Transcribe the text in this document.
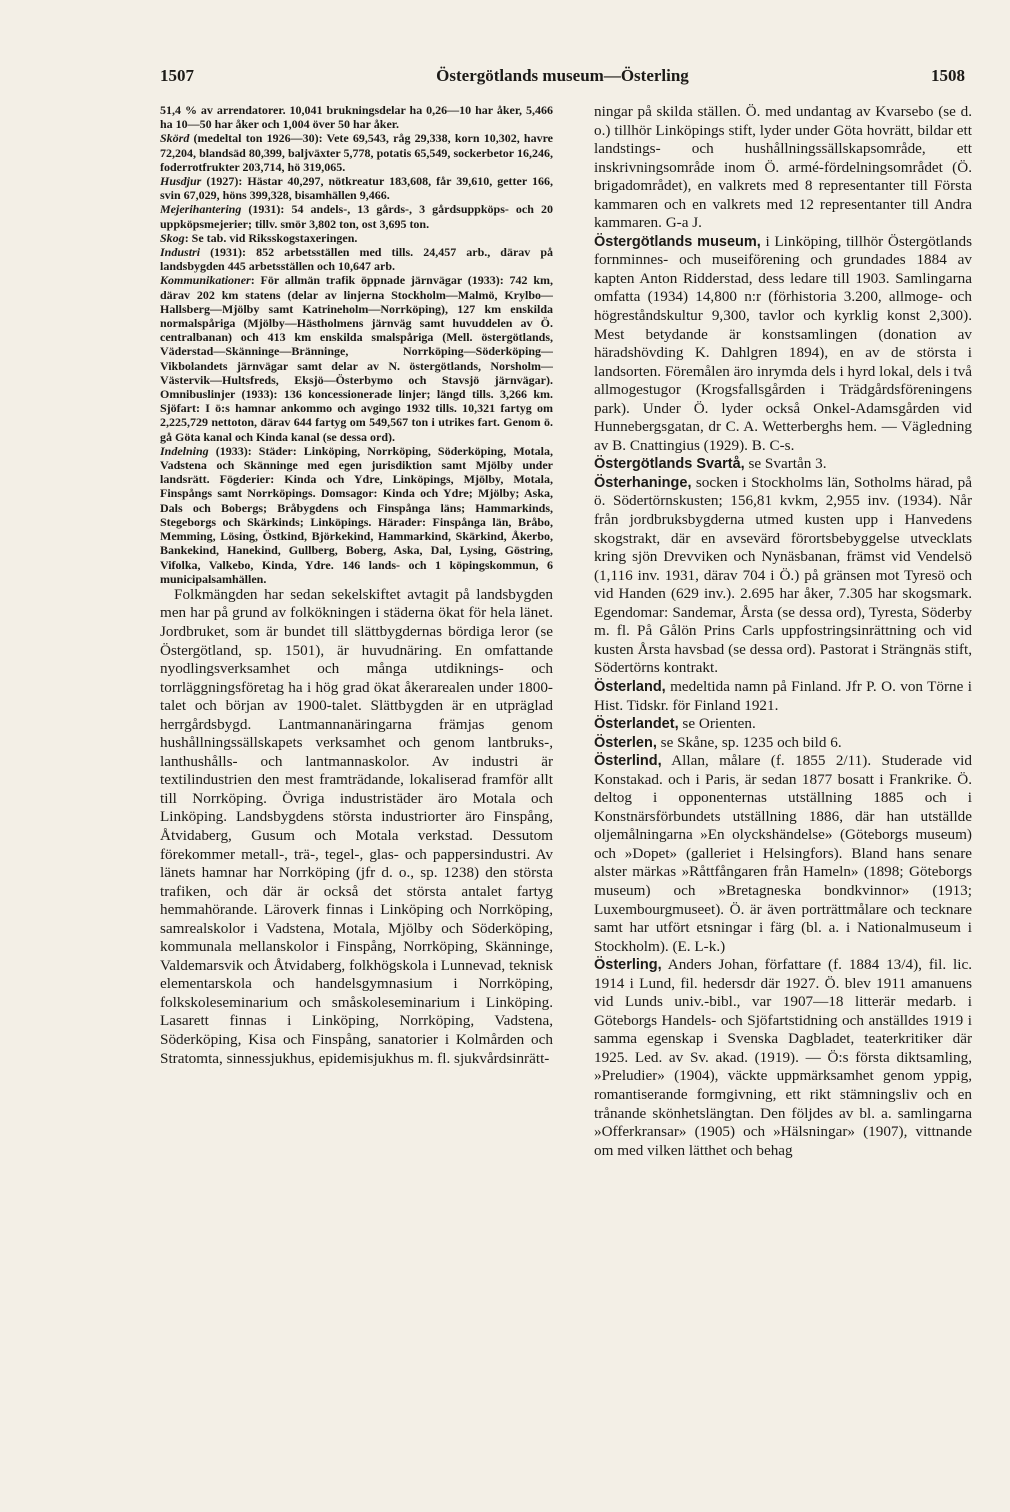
1507	Östergötlands museum—Österling	1508

51,4 % av arrendatorer. 10,041 brukningsdelar ha 0,26—10 har åker, 5,466 ha 10—50 har åker och 1,004 över 50 har åker.

Skörd (medeltal ton 1926—30): Vete 69,543, råg 29,338, korn 10,302, havre 72,204, blandsäd 80,399, baljväxter 5,778, potatis 65,549, sockerbetor 16,246, foderrotfrukter 203,714, hö 319,065.

Husdjur (1927): Hästar 40,297, nötkreatur 183,608, får 39,610, getter 166, svin 67,029, höns 399,328, bisamhällen 9,466.

Mejerihantering (1931): 54 andels-, 13 gårds-, 3 gårdsuppköps- och 20 uppköpsmejerier; tillv. smör 3,802 ton, ost 3,695 ton.

Skog: Se tab. vid Riksskogstaxeringen.

Industri (1931): 852 arbetsställen med tills. 24,457 arb., därav på landsbygden 445 arbetsställen och 10,647 arb.

Kommunikationer: För allmän trafik öppnade järnvägar (1933): 742 km, därav 202 km statens (delar av linjerna Stockholm—Malmö, Krylbo—Hallsberg—Mjölby samt Katrineholm—Norrköping), 127 km enskilda normalspåriga (Mjölby—Hästholmens järnväg samt huvuddelen av Ö. centralbanan) och 413 km enskilda smalspåriga (Mell. östergötlands, Väderstad—Skänninge—Bränninge, Norrköping—Söderköping—Vikbolandets järnvägar samt delar av N. östergötlands, Norsholm—Västervik—Hultsfreds, Eksjö—Österbymo och Stavsjö järnvägar). Omnibuslinjer (1933): 136 koncessionerade linjer; längd tills. 3,266 km. Sjöfart: I ö:s hamnar ankommo och avgingo 1932 tills. 10,321 fartyg om 2,225,729 nettoton, därav 644 fartyg om 549,567 ton i utrikes fart. Genom ö. gå Göta kanal och Kinda kanal (se dessa ord).

Indelning (1933): Städer: Linköping, Norrköping, Söderköping, Motala, Vadstena och Skänninge med egen jurisdiktion samt Mjölby under landsrätt. Fögderier: Kinda och Ydre, Linköpings, Mjölby, Motala, Finspångs samt Norrköpings. Domsagor: Kinda och Ydre; Mjölby; Aska, Dals och Bobergs; Bråbygdens och Finspånga läns; Hammarkinds, Stegeborgs och Skärkinds; Linköpings. Härader: Finspånga län, Bråbo, Memming, Lösing, Östkind, Björkekind, Hammarkind, Skärkind, Åkerbo, Bankekind, Hanekind, Gullberg, Boberg, Aska, Dal, Lysing, Göstring, Vifolka, Valkebo, Kinda, Ydre. 146 lands- och 1 köpingskommun, 6 municipalsamhällen.

Folkmängden har sedan sekelskiftet avtagit på landsbygden men har på grund av folkökningen i städerna ökat för hela länet. Jordbruket, som är bundet till slättbygdernas bördiga leror (se Östergötland, sp. 1501), är huvudnäring. En omfattande nyodlingsverksamhet och många utdiknings- och torrläggningsföretag ha i hög grad ökat åkerarealen under 1800-talet och början av 1900-talet. Slättbygden är en utpräglad herrgårdsbygd. Lantmannanäringarna främjas genom hushållningssällskapets verksamhet och genom lantbruks-, lanthushålls- och lantmannaskolor. Av industri är textilindustrien den mest framträdande, lokaliserad framför allt till Norrköping. Övriga industristäder äro Motala och Linköping. Landsbygdens största industriorter äro Finspång, Åtvidaberg, Gusum och Motala verkstad. Dessutom förekommer metall-, trä-, tegel-, glas- och pappersindustri. Av länets hamnar har Norrköping (jfr d. o., sp. 1238) den största trafiken, och där är också det största antalet fartyg hemmahörande. Läroverk finnas i Linköping och Norrköping, samrealskolor i Vadstena, Motala, Mjölby och Söderköping, kommunala mellanskolor i Finspång, Norrköping, Skänninge, Valdemarsvik och Åtvidaberg, folkhögskola i Lunnevad, teknisk elementarskola och handelsgymnasium i Norrköping, folkskoleseminarium och småskoleseminarium i Linköping. Lasarett finnas i Linköping, Norrköping, Vadstena, Söderköping, Kisa och Finspång, sanatorier i Kolmården och Stratomta, sinnessjukhus, epidemisjukhus m. fl. sjukvårdsinrätt-

ningar på skilda ställen. Ö. med undantag av Kvarsebo (se d. o.) tillhör Linköpings stift, lyder under Göta hovrätt, bildar ett landstings- och hushållningssällskapsområde, ett inskrivningsområde inom Ö. armé-fördelningsområdet (Ö. brigadområdet), en valkrets med 8 representanter till Första kammaren och en valkrets med 12 representanter till Andra kammaren. G-a J.

Östergötlands museum, i Linköping, tillhör Östergötlands fornminnes- och museiförening och grundades 1884 av kapten Anton Ridderstad, dess ledare till 1903. Samlingarna omfatta (1934) 14,800 n:r (förhistoria 3.200, allmoge- och högreståndskultur 9,300, tavlor och kyrklig konst 2,300). Mest betydande är konstsamlingen (donation av häradshövding K. Dahlgren 1894), en av de största i landsorten. Föremålen äro inrymda dels i hyrd lokal, dels i två allmogestugor (Krogsfallsgården i Trädgårdsföreningens park). Under Ö. lyder också Onkel-Adamsgården vid Hunnebergsgatan, dr C. A. Wetterberghs hem. — Vägledning av B. Cnattingius (1929). B. C-s.

Östergötlands Svartå, se Svartån 3.

Österhaninge, socken i Stockholms län, Sotholms härad, på ö. Södertörnskusten; 156,81 kvkm, 2,955 inv. (1934). Når från jordbruksbygderna utmed kusten upp i Hanvedens skogstrakt, där en avsevärd förortsbebyggelse utvecklats kring sjön Drevviken och Nynäsbanan, främst vid Vendelsö (1,116 inv. 1931, därav 704 i Ö.) på gränsen mot Tyresö och vid Handen (629 inv.). 2.695 har åker, 7.305 har skogsmark. Egendomar: Sandemar, Årsta (se dessa ord), Tyresta, Söderby m. fl. På Gålön Prins Carls uppfostringsinrättning och vid kusten Årsta havsbad (se dessa ord). Pastorat i Strängnäs stift, Södertörns kontrakt.

Österland, medeltida namn på Finland. Jfr P. O. von Törne i Hist. Tidskr. för Finland 1921.

Österlandet, se Orienten.

Österlen, se Skåne, sp. 1235 och bild 6.

Österlind, Allan, målare (f. 1855 2/11). Studerade vid Konstakad. och i Paris, är sedan 1877 bosatt i Frankrike. Ö. deltog i opponenternas utställning 1885 och i Konstnärsförbundets utställning 1886, där han utställde oljemålningarna »En olyckshändelse» (Göteborgs museum) och »Dopet» (galleriet i Helsingfors). Bland hans senare alster märkas »Råttfångaren från Hameln» (1898; Göteborgs museum) och »Bretagneska bondkvinnor» (1913; Luxembourgmuseet). Ö. är även porträttmålare och tecknare samt har utfört etsningar i färg (bl. a. i Nationalmuseum i Stockholm). (E. L-k.)

Österling, Anders Johan, författare (f. 1884 13/4), fil. lic. 1914 i Lund, fil. hedersdr där 1927. Ö. blev 1911 amanuens vid Lunds univ.-bibl., var 1907—18 litterär medarb. i Göteborgs Handels- och Sjöfartstidning och anställdes 1919 i samma egenskap i Svenska Dagbladet, teaterkritiker där 1925. Led. av Sv. akad. (1919). — Ö:s första diktsamling, »Preludier» (1904), väckte uppmärksamhet genom yppig, romantiserande formgivning, ett rikt stämningsliv och en trånande skönhetslängtan. Den följdes av bl. a. samlingarna »Offerkransar» (1905) och »Hälsningar» (1907), vittnande om med vilken lätthet och behag
